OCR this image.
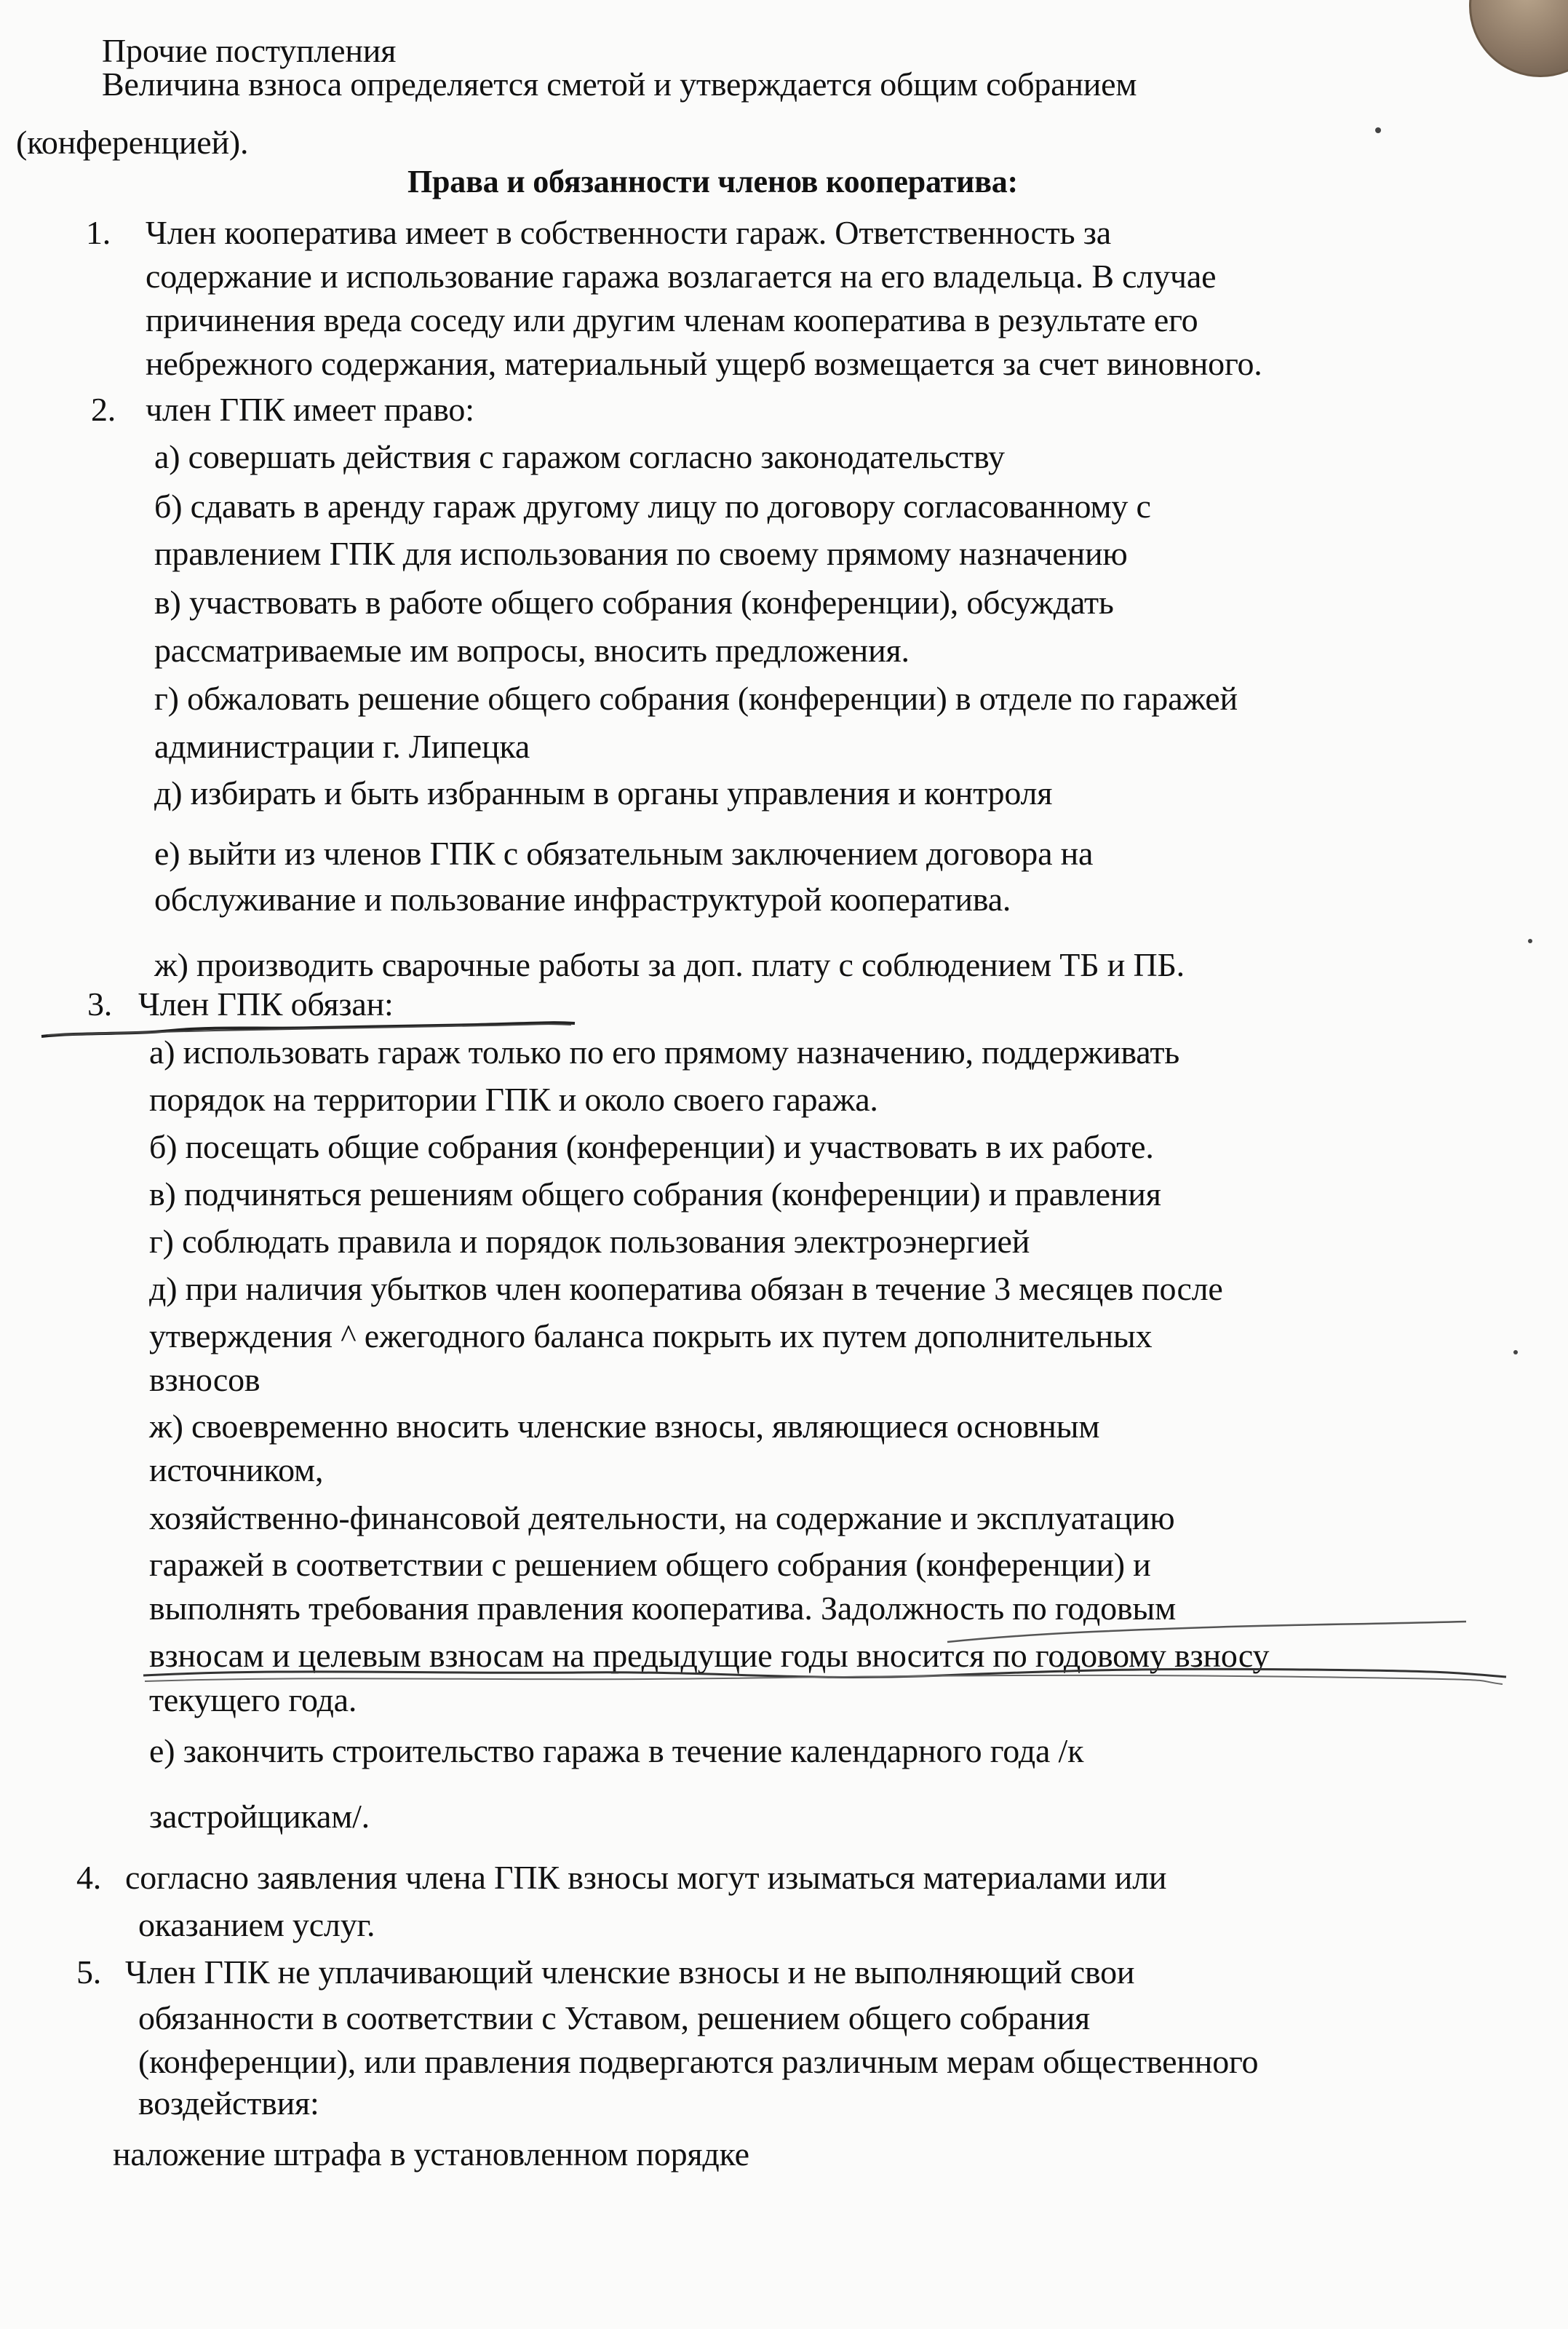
Прочие поступления
Величина взноса определяется сметой и утверждается общим собранием
(конференцией).
Права и обязанности членов кооператива:
1. Член кооператива имеет в собственности гараж. Ответственность за
содержание и использование гаража возлагается на его владельца. В случае
причинения вреда соседу или другим членам кооператива в результате его
небрежного содержания, материальный ущерб возмещается за счет виновного.
2. член ГПК имеет право:
а) совершать действия с гаражом согласно законодательству
б) сдавать в аренду гараж другому лицу по договору согласованному с
правлением ГПК для использования по своему прямому назначению
в) участвовать в работе общего собрания (конференции), обсуждать
рассматриваемые им вопросы, вносить предложения.
г) обжаловать решение общего собрания (конференции) в отделе по гаражей
администрации г. Липецка
д) избирать и быть избранным в органы управления и контроля
е) выйти из членов ГПК с обязательным заключением договора на
обслуживание и пользование инфраструктурой кооператива.
ж) производить сварочные работы за доп. плату с соблюдением ТБ и ПБ.
3. Член ГПК обязан:
а) использовать гараж только по его прямому назначению, поддерживать
порядок на территории ГПК и около своего гаража.
б) посещать общие собрания (конференции) и участвовать в их работе.
в) подчиняться решениям общего собрания (конференции) и правления
г) соблюдать правила и порядок пользования электроэнергией
д) при наличия убытков член кооператива обязан в течение 3 месяцев после
утверждения ^ ежегодного баланса покрыть их путем дополнительных
взносов
ж) своевременно вносить членские взносы, являющиеся основным
источником,
хозяйственно-финансовой деятельности, на содержание и эксплуатацию
гаражей в соответствии с решением общего собрания (конференции) и
выполнять требования правления кооператива. Задолжность по годовым
взносам и целевым взносам на предыдущие годы вносится по годовому взносу
текущего года.
е) закончить строительство гаража в течение календарного года /к
застройщикам/.
4. согласно заявления члена ГПК взносы могут изыматься материалами или
оказанием услуг.
5. Член ГПК не уплачивающий членские взносы и не выполняющий свои
обязанности в соответствии с Уставом, решением общего собрания
(конференции), или правления подвергаются различным мерам общественного
воздействия:
наложение штрафа в установленном порядке
